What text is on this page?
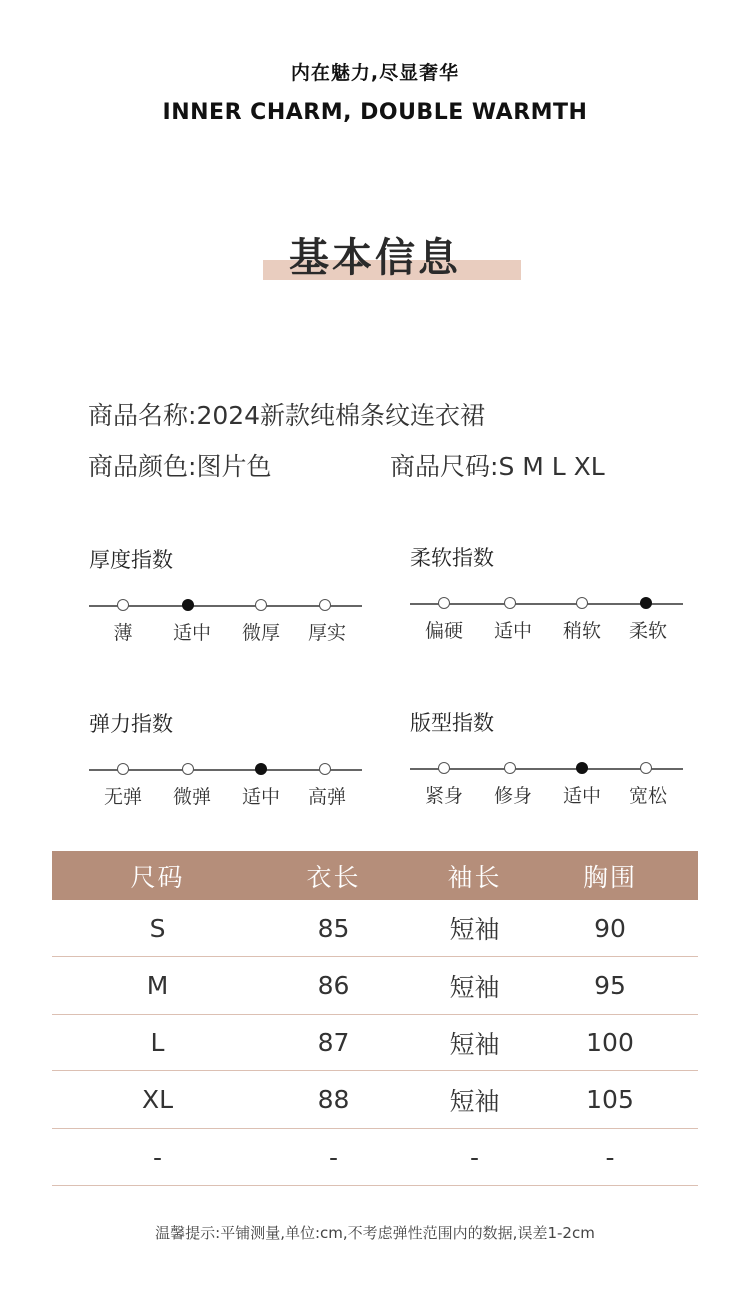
内在魅力,尽显奢华
INNER CHARM, DOUBLE WARMTH
基本信息
商品名称:2024新款纯棉条纹连衣裙
商品颜色:图片色	商品尺码:S M L XL
厚度指数
薄	适中	微厚	厚实
柔软指数
偏硬	适中	稍软	柔软
弹力指数
无弹	微弹	适中	高弹
版型指数
紧身	修身	适中	宽松
尺码	衣长	袖长	胸围
S	85	短袖	90
M	86	短袖	95
L	87	短袖	100
XL	88	短袖	105
-	-	-	-
温馨提示:平铺测量,单位:cm,不考虑弹性范围内的数据,误差1-2cm
